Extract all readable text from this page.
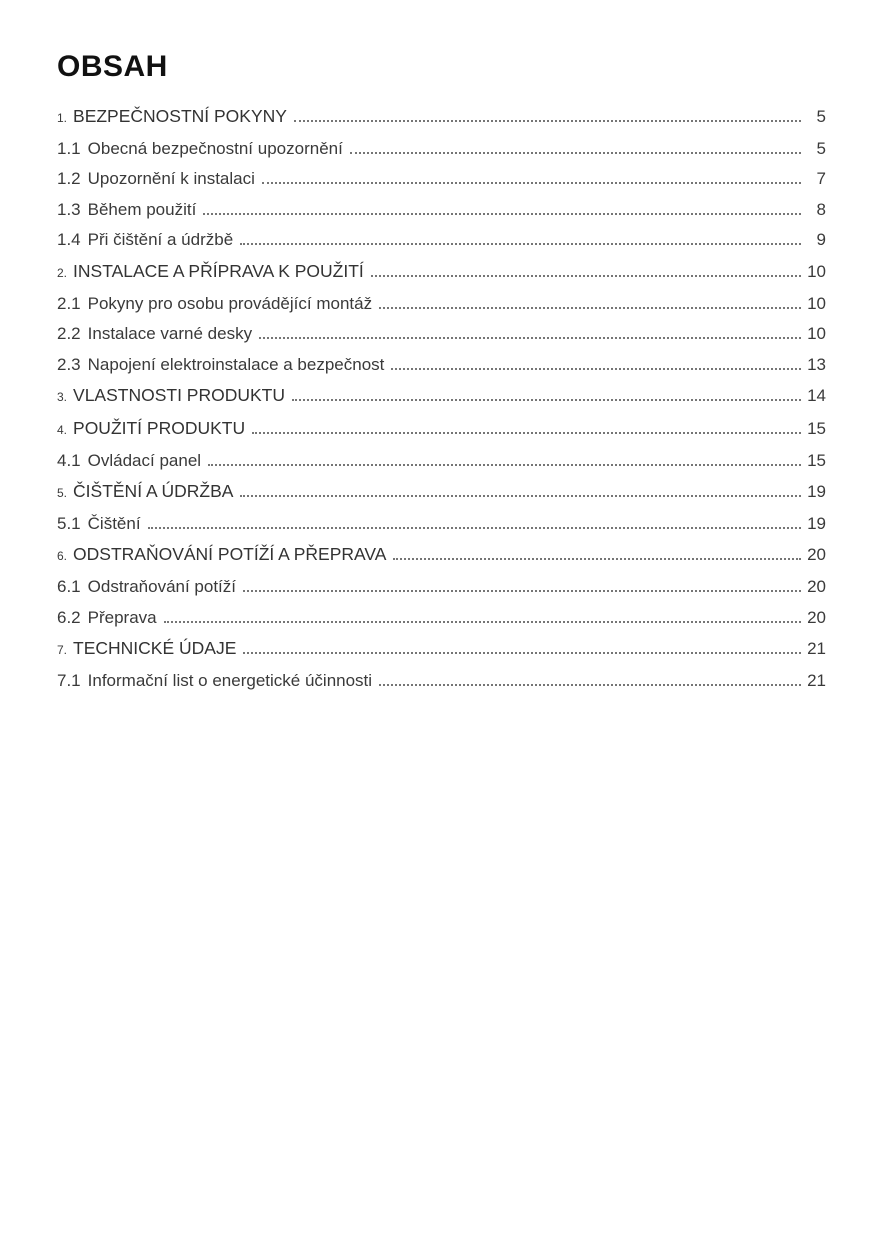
OBSAH
1. BEZPEČNOSTNÍ POKYNY	5
1.1 Obecná bezpečnostní upozornění	5
1.2 Upozornění k instalaci	7
1.3 Během použití	8
1.4 Při čištění a údržbě	9
2. INSTALACE A PŘÍPRAVA K POUŽITÍ	10
2.1 Pokyny pro osobu provádějící montáž	10
2.2 Instalace varné desky	10
2.3 Napojení elektroinstalace a bezpečnost	13
3. VLASTNOSTI PRODUKTU	14
4. POUŽITÍ PRODUKTU	15
4.1 Ovládací panel	15
5. ČIŠTĚNÍ A ÚDRŽBA	19
5.1 Čištění	19
6. ODSTRAŇOVÁNÍ POTÍŽÍ A PŘEPRAVA	20
6.1 Odstraňování potíží	20
6.2 Přeprava	20
7. TECHNICKÉ ÚDAJE	21
7.1 Informační list o energetické účinnosti	21
